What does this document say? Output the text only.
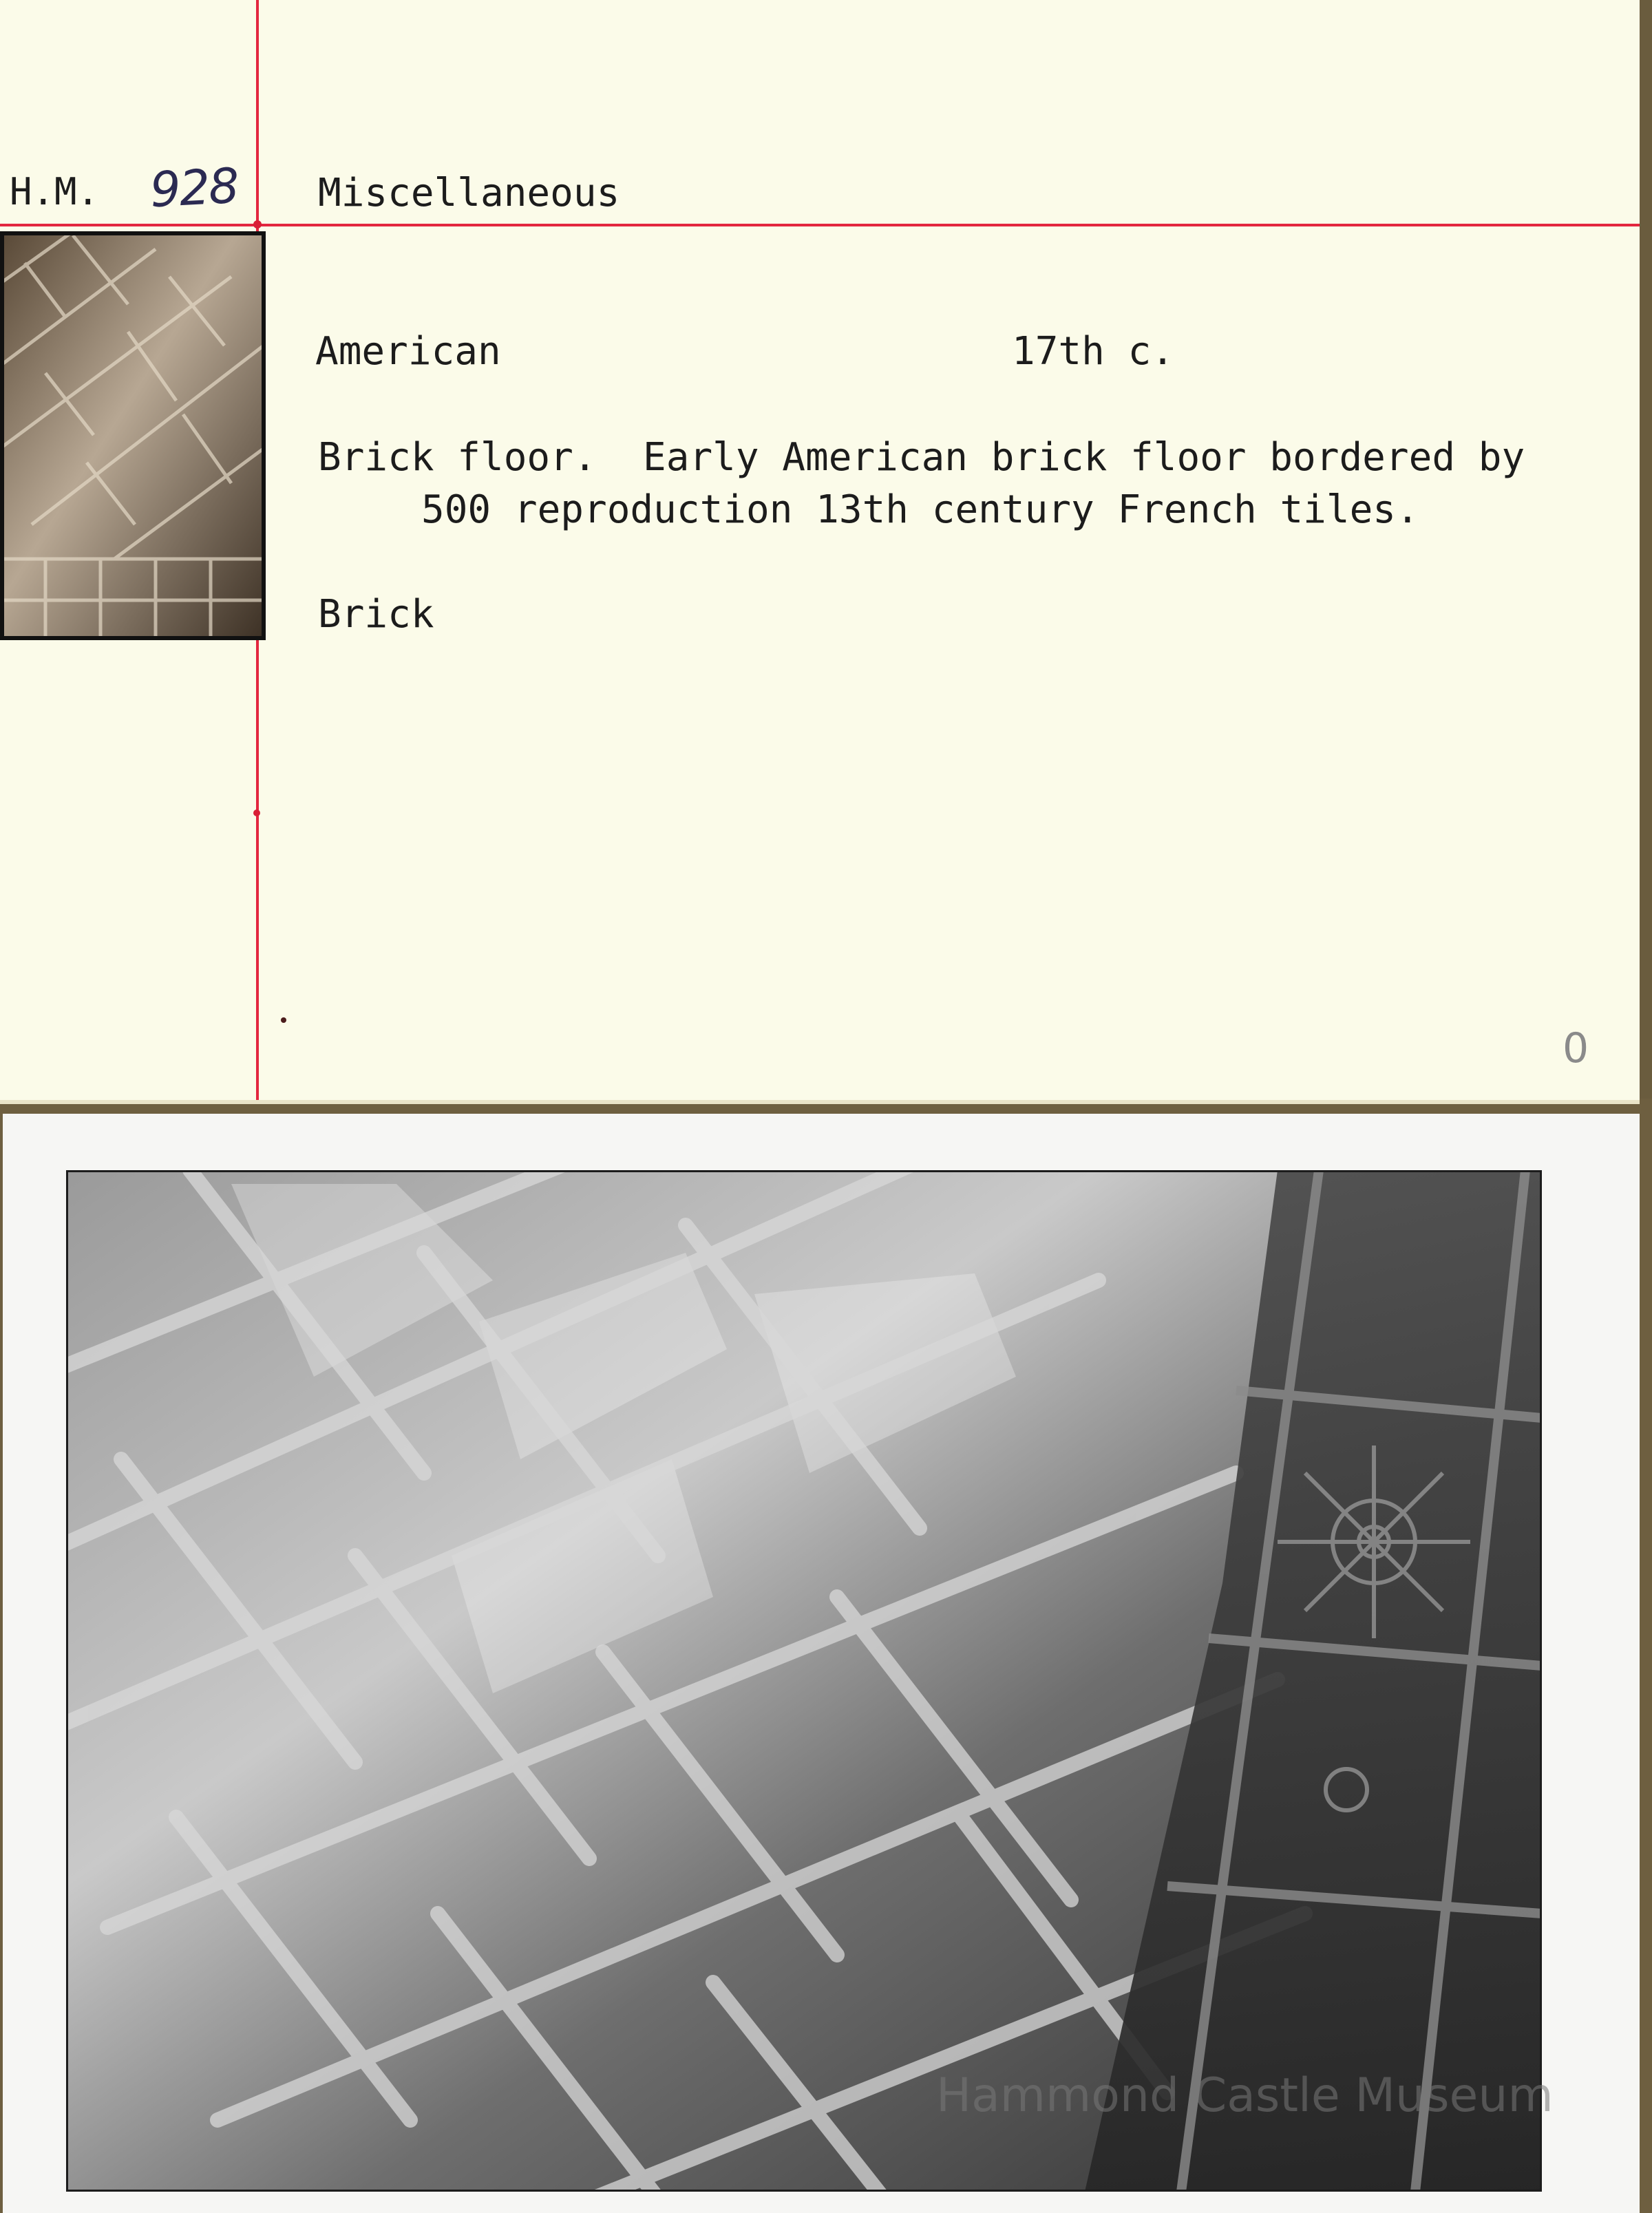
H.M. 928 Miscellaneous
American	17th c.
Brick floor.  Early American brick floor bordered by
500 reproduction 13th century French tiles.
Brick
0
Hammond Castle Museum
